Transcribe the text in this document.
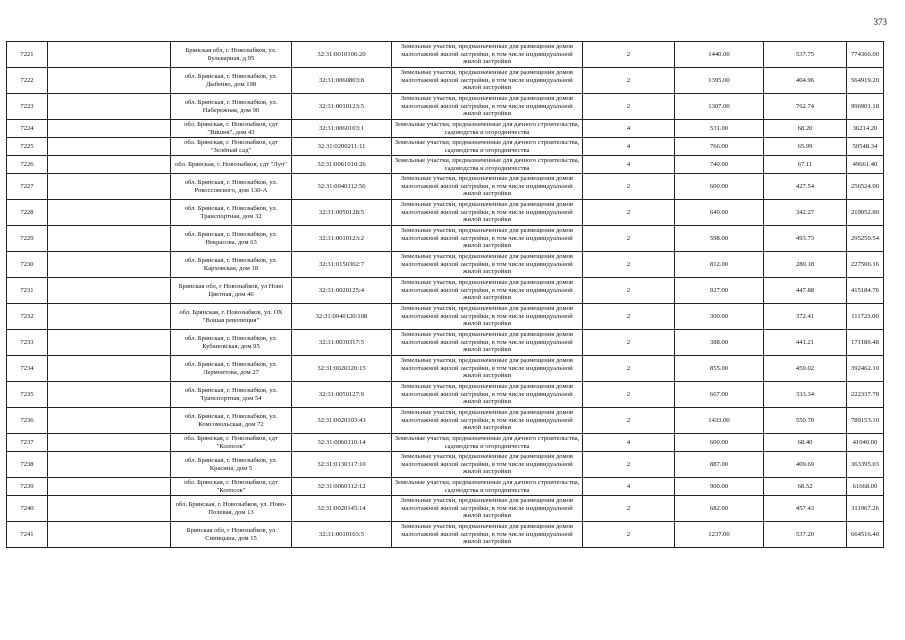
373
7221		Брянская обл, г. Новозыбков, ул. Бульварная, д.95	32:31:0010106:20	Земельные участки, предназначенные для размещения домов малоэтажной жилой застройки, в том числе индивидуальной жилой застройки	2	1440.00	537.75	774360.00
7222		обл. Брянская, г. Новозыбков, ул. Дыбенко, дом 198	32:31:0060803:8	Земельные участки, предназначенные для размещения домов малоэтажной жилой застройки, в том числе индивидуальной жилой застройки	2	1395.00	404.96	564919.20
7223		обл. Брянская, г. Новозыбков, ул. Набережная, дом 90	32:31:0010123:5	Земельные участки, предназначенные для размещения домов малоэтажной жилой застройки, в том числе индивидуальной жилой застройки	2	1307.00	762.74	996901.18
7224		обл. Брянская, г. Новозыбков, сдт "Вишня", дом 43	32:31:0060103:1	Земельные участки, предназначенные для дачного строительства, садоводства и огородничества	4	531.00	68.20	36214.20
7225		обл. Брянская, г. Новозыбков, сдт "Зелёный сад"	32:31:0200211:11	Земельные участки, предназначенные для дачного строительства, садоводства и огородничества	4	766.00	65.99	50548.34
7226		обл. Брянская, г. Новозыбков, сдт "Луч"	32:31:0061010:26	Земельные участки, предназначенные для дачного строительства, садоводства и огородничества	4	740.00	67.11	49661.40
7227		обл. Брянская, г. Новозыбков, ул. Рокоссовского, дом 130-А	32:31:0040112:56	Земельные участки, предназначенные для размещения домов малоэтажной жилой застройки, в том числе индивидуальной жилой застройки	2	600.00	427.54	256524.00
7228		обл. Брянская, г. Новозыбков, ул. Транспортная, дом 32	32:31:0050128:5	Земельные участки, предназначенные для размещения домов малоэтажной жилой застройки, в том числе индивидуальной жилой застройки	2	640.00	342.27	219052.80
7229		обл. Брянская, г. Новозыбков, ул. Некрасова, дом 63	32:31:0010123:2	Земельные участки, предназначенные для размещения домов малоэтажной жилой застройки, в том числе индивидуальной жилой застройки	2	598.00	493.73	295250.54
7230		обл. Брянская, г. Новозыбков, ул. Карховская, дом 18	32:31:0150302:7	Земельные участки, предназначенные для размещения домов малоэтажной жилой застройки, в том числе индивидуальной жилой застройки	2	812.00	280.18	227506.16
7231		Брянская обл, г Новозыбков, ул Ново Цветная, дом 46	32:31:0020125:4	Земельные участки, предназначенные для размещения домов малоэтажной жилой застройки, в том числе индивидуальной жилой застройки	2	927.00	447.88	415184.76
7232		обл. Брянская, г. Новозыбков, ул. ОХ "Вошая революция"	32:31:0040120:108	Земельные участки, предназначенные для размещения домов малоэтажной жилой застройки, в том числе индивидуальной жилой застройки	2	300.00	372.41	111723.00
7233		обл. Брянская, г. Новозыбков, ул. Кубановская, дом 95	32:31:0030317:5	Земельные участки, предназначенные для размещения домов малоэтажной жилой застройки, в том числе индивидуальной жилой застройки	2	388.00	441.21	171189.48
7234		обл. Брянская, г. Новозыбков, ул. Лермонтова, дом 27	32:31:0020120:15	Земельные участки, предназначенные для размещения домов малоэтажной жилой застройки, в том числе индивидуальной жилой застройки	2	855.00	459.02	392462.10
7235		обл. Брянская, г. Новозыбков, ул. Транспортная, дом 54	32:31:0050127:9	Земельные участки, предназначенные для размещения домов малоэтажной жилой застройки, в том числе индивидуальной жилой застройки	2	667.00	333.34	222337.78
7236		обл. Брянская, г. Новозыбков, ул. Комсомольская, дом 72	32:31:0020103:43	Земельные участки, предназначенные для размещения домов малоэтажной жилой застройки, в том числе индивидуальной жилой застройки	2	1433.00	550.70	789153.10
7237		обл. Брянская, г. Новозыбков, сдт "Колосок"	32:31:0060110:14	Земельные участки, предназначенные для дачного строительства, садоводства и огородничества	4	600.00	68.40	41040.00
7238		обл. Брянская, г. Новозыбков, ул. Красина, дом 5	32:31:0130317:10	Земельные участки, предназначенные для размещения домов малоэтажной жилой застройки, в том числе индивидуальной жилой застройки	2	887.00	409.69	363395.03
7239		обл. Брянская, г. Новозыбков, сдт "Колосок"	32:31:0060112:12	Земельные участки, предназначенные для дачного строительства, садоводства и огородничества	4	900.00	68.52	61668.00
7240		обл. Брянская, г. Новозыбков, ул. Ново-Полевая, дом 13	32:31:0020145:14	Земельные участки, предназначенные для размещения домов малоэтажной жилой застройки, в том числе индивидуальной жилой застройки	2	682.00	457.43	311967.26
7241		Брянская обл, г Новозыбков, ул Синицына, дом 15	32:31:0010103:5	Земельные участки, предназначенные для размещения домов малоэтажной жилой застройки, в том числе индивидуальной жилой застройки	2	1237.00	537.20	664516.40
